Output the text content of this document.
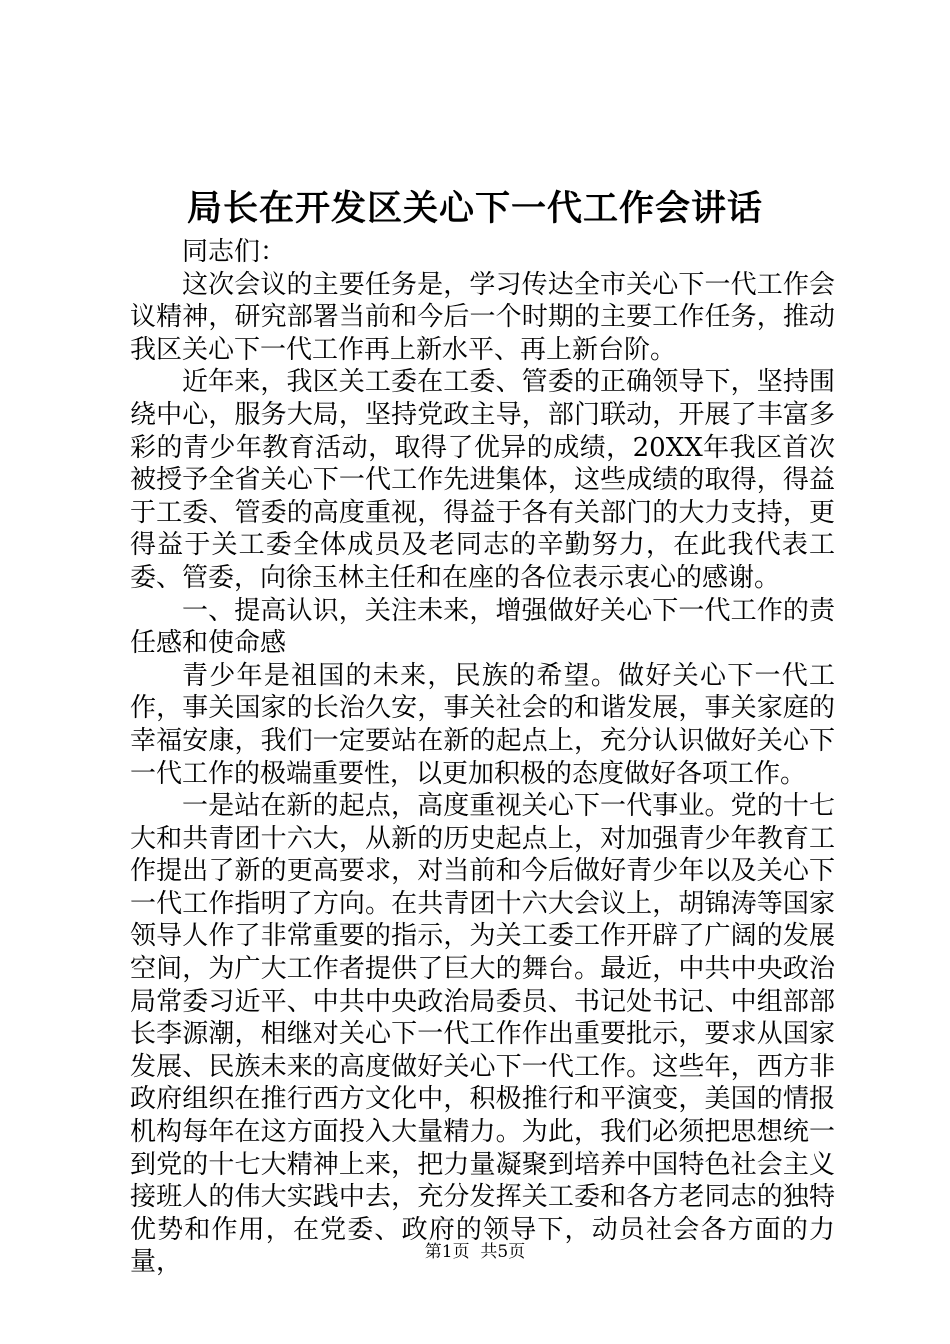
局长在开发区关心下一代工作会讲话

同志们：

这次会议的主要任务是，学习传达全市关心下一代工作会议精神，研究部署当前和今后一个时期的主要工作任务，推动我区关心下一代工作再上新水平、再上新台阶。

近年来，我区关工委在工委、管委的正确领导下，坚持围绕中心，服务大局，坚持党政主导，部门联动，开展了丰富多彩的青少年教育活动，取得了优异的成绩，20XX年我区首次被授予全省关心下一代工作先进集体，这些成绩的取得，得益于工委、管委的高度重视，得益于各有关部门的大力支持，更得益于关工委全体成员及老同志的辛勤努力，在此我代表工委、管委，向徐玉林主任和在座的各位表示衷心的感谢。

一、提高认识，关注未来，增强做好关心下一代工作的责任感和使命感

青少年是祖国的未来，民族的希望。做好关心下一代工作，事关国家的长治久安，事关社会的和谐发展，事关家庭的幸福安康，我们一定要站在新的起点上，充分认识做好关心下一代工作的极端重要性，以更加积极的态度做好各项工作。

一是站在新的起点，高度重视关心下一代事业。党的十七大和共青团十六大，从新的历史起点上，对加强青少年教育工作提出了新的更高要求，对当前和今后做好青少年以及关心下一代工作指明了方向。在共青团十六大会议上，胡锦涛等国家领导人作了非常重要的指示，为关工委工作开辟了广阔的发展空间，为广大工作者提供了巨大的舞台。最近，中共中央政治局常委习近平、中共中央政治局委员、书记处书记、中组部部长李源潮，相继对关心下一代工作作出重要批示，要求从国家发展、民族未来的高度做好关心下一代工作。这些年，西方非政府组织在推行西方文化中，积极推行和平演变，美国的情报机构每年在这方面投入大量精力。为此，我们必须把思想统一到党的十七大精神上来，把力量凝聚到培养中国特色社会主义接班人的伟大实践中去，充分发挥关工委和各方老同志的独特优势和作用，在党委、政府的领导下，动员社会各方面的力量，	第1页 共5页
